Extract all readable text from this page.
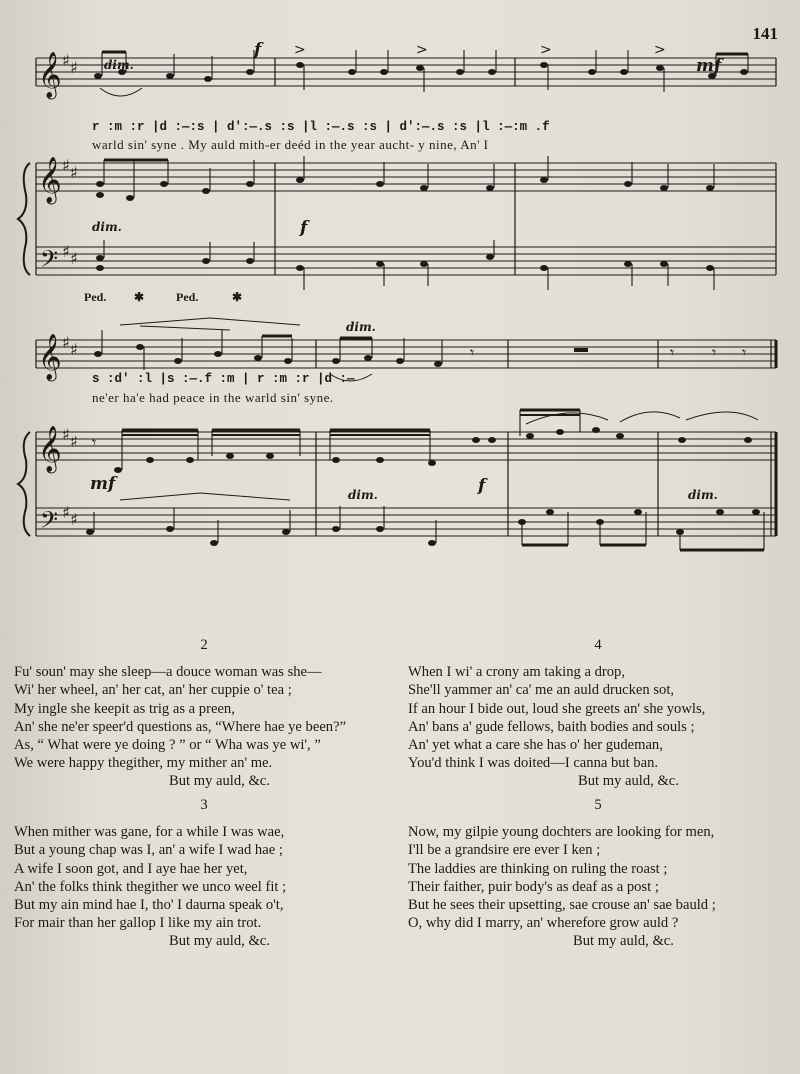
141
𝄞
𝄞
𝄢
𝄞
𝄞
𝄢
♯ ♯
♯ ♯
♯ ♯
♯ ♯
♯ ♯
♯ ♯
>	>	>	>
𝄾	𝄾 𝄾 𝄾
𝄾
dim.
f
mf
dim.	f
Ped. ✱	Ped.	✱
dim.
mf
dim.	f	dim.
r :m :r |d :—:s | dʹ:—.s :s |l :—.s :s | dʹ:—.s :s |l :—:m .f
warld sin' syne . My auld mith-er deéd in the year aucht- y nine, An' I
s :dʹ :l |s :—.f :m | r :m :r |d :—
ne'er ha'e had peace in the warld sin' syne.
2
Fu' soun' may she sleep—a douce woman was she—
Wi' her wheel, an' her cat, an' her cuppie o' tea ;
My ingle she keepit as trig as a preen,
An' she ne'er speer'd questions as, “Where hae ye been?”
As, “ What were ye doing ? ” or “ Wha was ye wi', ”
We were happy thegither, my mither an' me.
But my auld, &c.
3
When mither was gane, for a while I was wae,
But a young chap was I, an' a wife I wad hae ;
A wife I soon got, and I aye hae her yet,
An' the folks think thegither we unco weel fit ;
But my ain mind hae I, tho' I daurna speak o't,
For mair than her gallop I like my ain trot.
But my auld, &c.
4
When I wi' a crony am taking a drop,
She'll yammer an' ca' me an auld drucken sot,
If an hour I bide out, loud she greets an' she yowls,
An' bans a' gude fellows, baith bodies and souls ;
An' yet what a care she has o' her gudeman,
You'd think I was doited—I canna but ban.
But my auld, &c.
5
Now, my gilpie young dochters are looking for men,
I'll be a grandsire ere ever I ken ;
The laddies are thinking on ruling the roast ;
Their faither, puir body's as deaf as a post ;
But he sees their upsetting, sae crouse an' sae bauld ;
O, why did I marry, an' wherefore grow auld ?
But my auld, &c.
